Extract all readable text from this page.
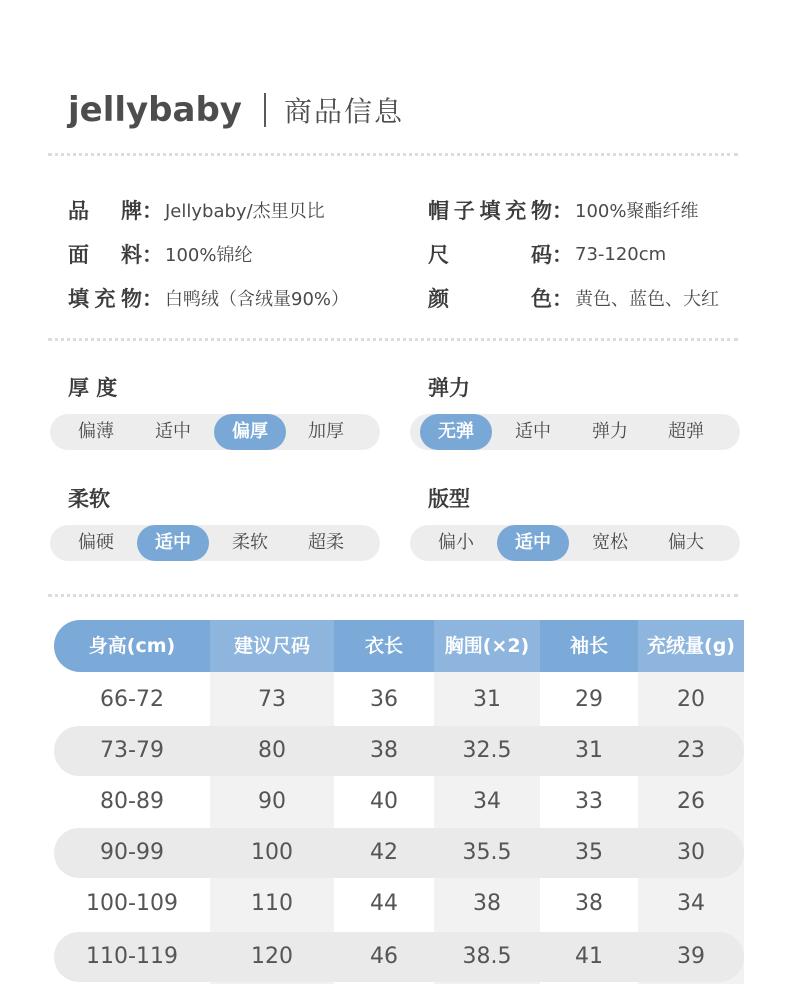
jellybaby 商品信息
品 牌： Jellybaby/杰里贝比
面 料： 100%锦纶
填 充 物： 白鸭绒（含绒量90%）
帽 子 填 充 物： 100%聚酯纤维
尺	码： 73-120cm
颜	色： 黄色、蓝色、大红
厚 度
偏薄	适中	偏厚	加厚
弹力
无弹	适中	弹力	超弹
柔软
偏硬	适中	柔软	超柔
版型
偏小	适中	宽松	偏大
身高(cm)	建议尺码	衣长	胸围(×2)	袖长	充绒量(g)
66-72	73	36	31	29	20
73-79	80	38	32.5	31	23
80-89	90	40	34	33	26
90-99	100	42	35.5	35	30
100-109	110	44	38	38	34
110-119	120	46	38.5	41	39
